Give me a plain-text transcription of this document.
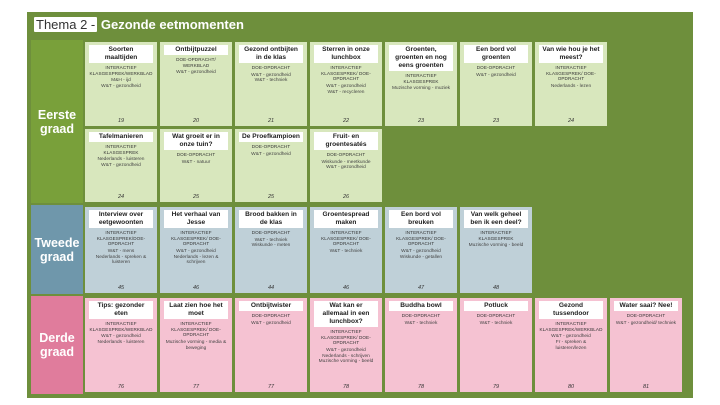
Thema 2 - Gezonde eetmomenten
Eerste
graad
Tweede
graad
Derde
graad
Soorten maaltijden
INTERACTIEF KLASGESPREK/WERKBLAD
M&H - ijd
W&T - gezondheid
19
Ontbijtpuzzel
DOE-OPDRACHT/ WERKBLAD
W&T - gezondheid
20
Gezond ontbijten in de klas
DOE-OPDRACHT
W&T - gezondheid
W&T - techniek
21
Sterren in onze lunchbox
INTERACTIEF KLASGESPREK/ DOE-OPDRACHT
W&T - gezondheid
W&T - recycleren
22
Groenten, groenten en nog eens groenten
INTERACTIEF KLASGESPREK
Muzische vorming - muziek
23
Een bord vol groenten
DOE-OPDRACHT
W&T - gezondheid
23
Van wie hou je het meest?
INTERACTIEF KLASGESPREK/ DOE-OPDRACHT
Nederlands - lezen
24
Tafelmanieren
INTERACTIEF KLASGESPREK
Nederlands - luisteren
W&T - gezondheid
24
Wat groeit er in onze tuin?
DOE-OPDRACHT
W&T - natuur
25
De Proefkampioen
DOE-OPDRACHT
W&T - gezondheid
25
Fruit- en groentesatés
DOE-OPDRACHT
Wiskunde - meetkunde
W&T - gezondheid
26
Interview over eetgewoonten
INTERACTIEF KLASGESPREK/DOE-OPDRACHT
W&T - mens
Nederlands - spreken & luisteren
45
Het verhaal van Jesse
INTERACTIEF KLASGESPREK/ DOE-OPDRACHT
W&T - gezondheid
Nederlands - lezen & schrijven
46
Brood bakken in de klas
DOE-OPDRACHT
W&T - techniek
Wiskunde - meten
44
Groentespread maken
INTERACTIEF KLASGESPREK/ DOE-OPDRACHT
W&T - techniek
46
Een bord vol breuken
INTERACTIEF KLASGESPREK/ DOE-OPDRACHT
W&T - gezondheid
Wiskunde - getallen
47
Van welk geheel ben ik een deel?
INTERACTIEF KLASGESPREK
Muzische vorming - beeld
48
Tips: gezonder eten
INTERACTIEF KLASGESPREK/WERKBLAD
W&T - gezondheid
Nederlands - luisteren
76
Laat zien hoe het moet
INTERACTIEF KLASGESPREK/ DOE-OPDRACHT
Muzische vorming - media & beweging
77
Ontbijtwister
DOE-OPDRACHT
W&T - gezondheid
77
Wat kan er allemaal in een lunchbox?
INTERACTIEF KLASGESPREK/ DOE-OPDRACHT
W&T - gezondheid
Nederlands - schrijven
Muzische vorming - beeld
78
Buddha bowl
DOE-OPDRACHT
W&T - techniek
78
Potluck
DOE-OPDRACHT
W&T - techniek
79
Gezond tussendoor
INTERACTIEF KLASGESPREK/WERKBLAD
W&T - gezondheid
Fr - spreken &
luisteren/lezen
80
Water saai? Nee!
DOE-OPDRACHT
W&T - gezondheid/ techniek
81
